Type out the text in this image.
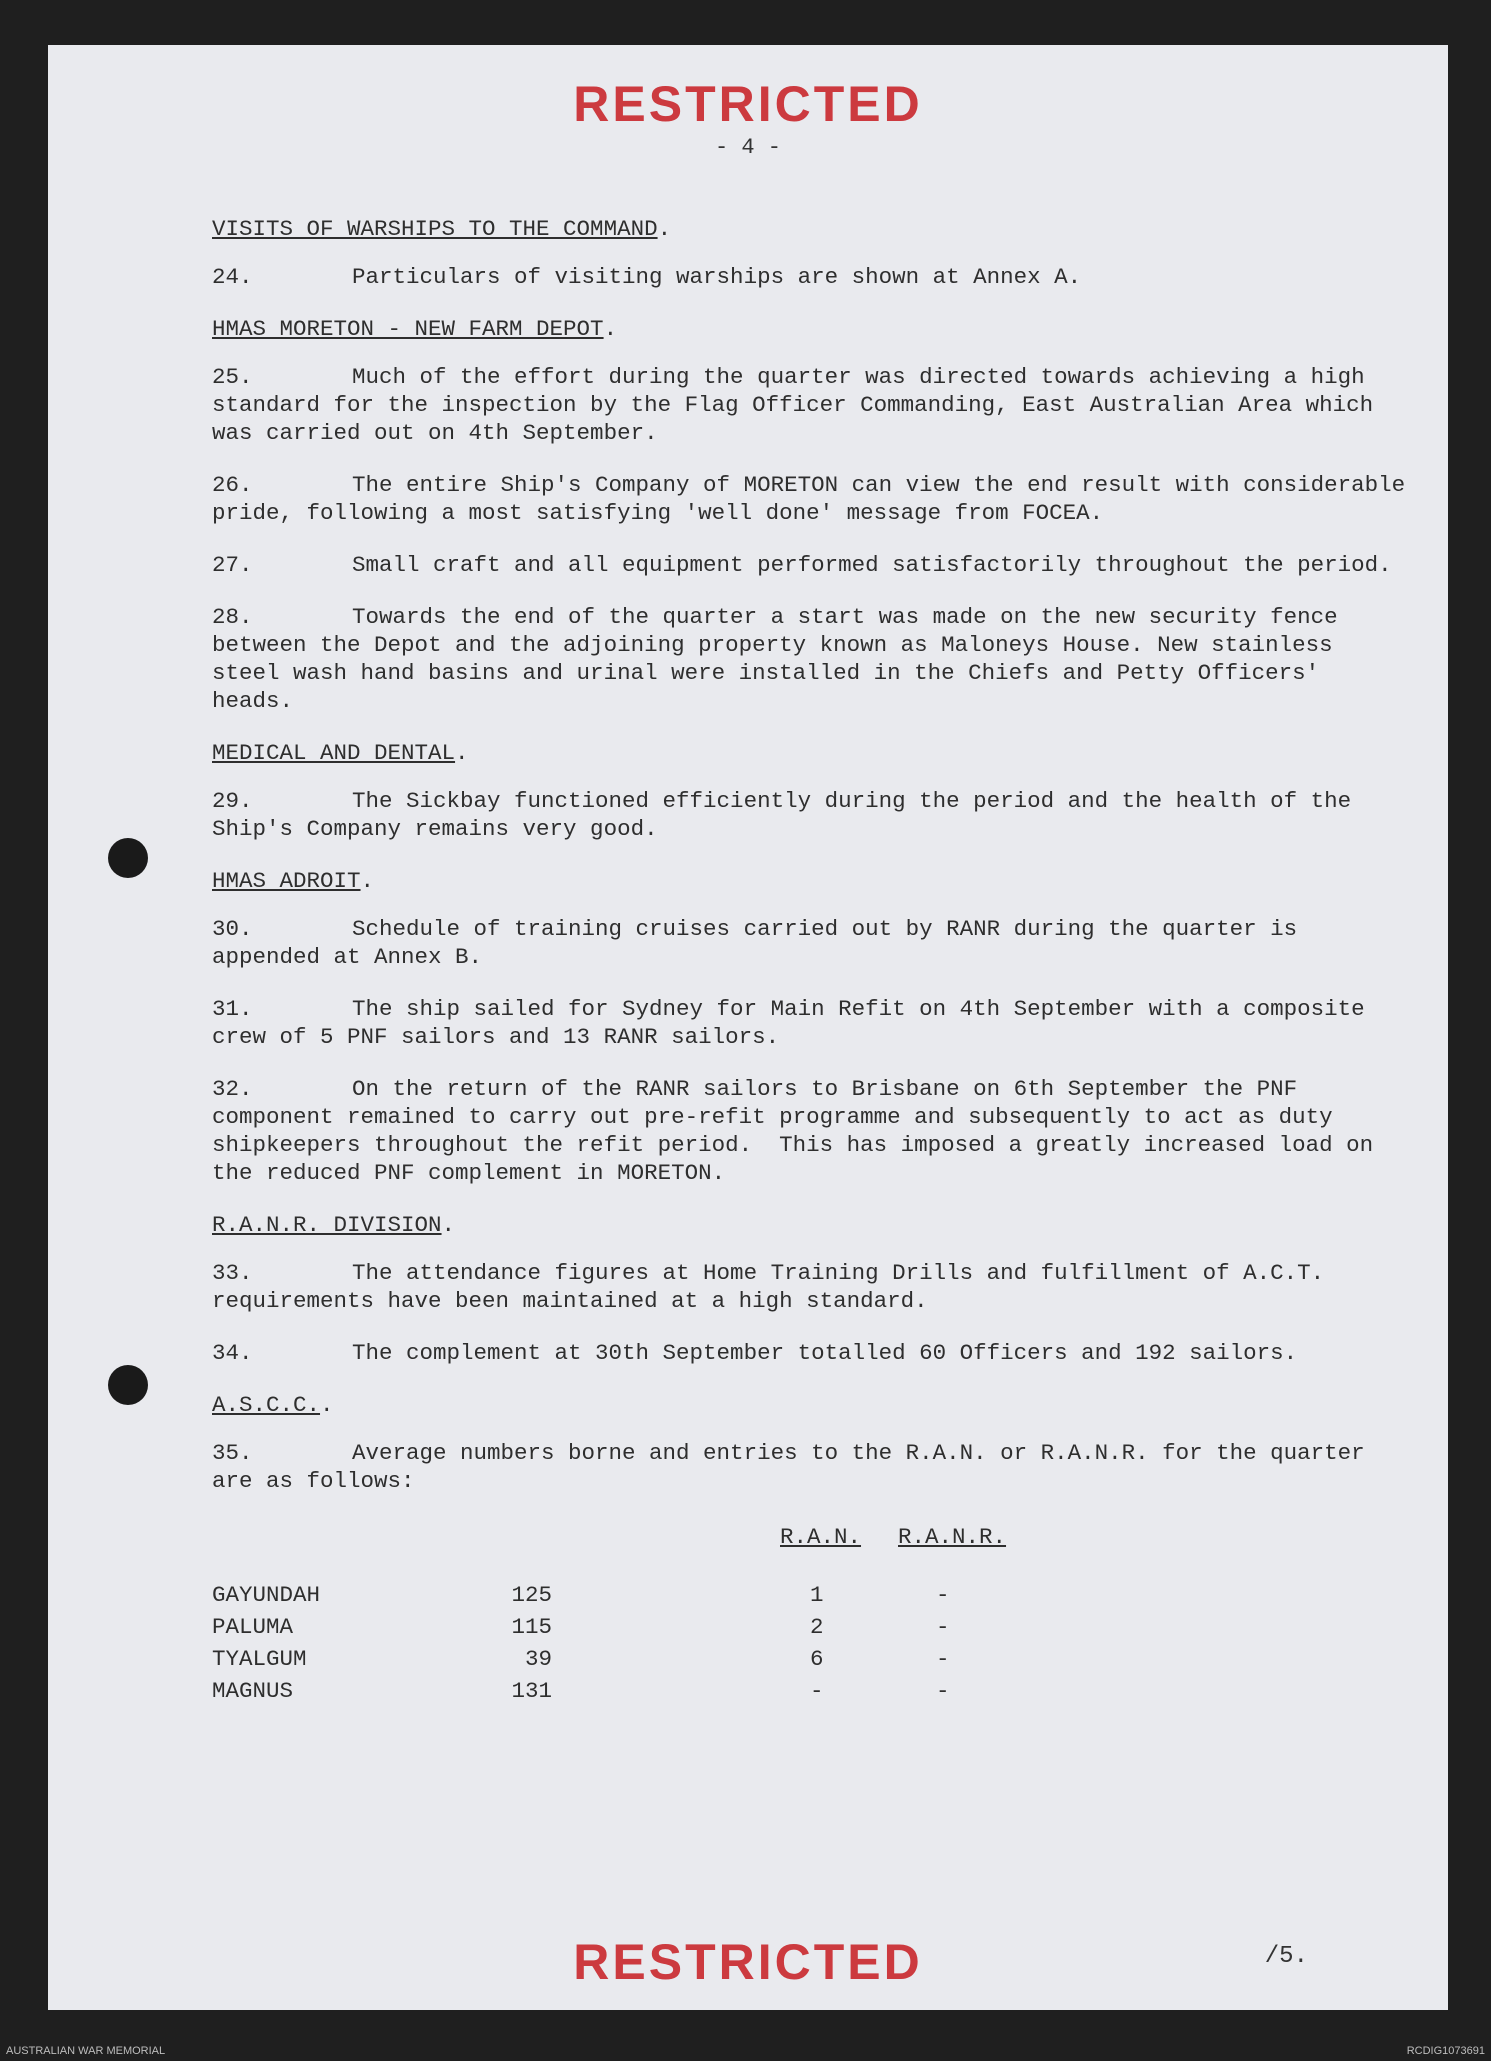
RESTRICTED
- 4 -
VISITS OF WARSHIPS TO THE COMMAND.
24.	Particulars of visiting warships are shown at Annex A.
HMAS MORETON - NEW FARM DEPOT.
25.	Much of the effort during the quarter was directed towards achieving a high standard for the inspection by the Flag Officer Commanding, East Australian Area which was carried out on 4th September.
26.	The entire Ship's Company of MORETON can view the end result with considerable pride, following a most satisfying 'well done' message from FOCEA.
27.	Small craft and all equipment performed satisfactorily throughout the period.
28.	Towards the end of the quarter a start was made on the new security fence between the Depot and the adjoining property known as Maloneys House. New stainless steel wash hand basins and urinal were installed in the Chiefs and Petty Officers' heads.
MEDICAL AND DENTAL.
29.	The Sickbay functioned efficiently during the period and the health of the Ship's Company remains very good.
HMAS ADROIT.
30.	Schedule of training cruises carried out by RANR during the quarter is appended at Annex B.
31.	The ship sailed for Sydney for Main Refit on 4th September with a composite crew of 5 PNF sailors and 13 RANR sailors.
32.	On the return of the RANR sailors to Brisbane on 6th September the PNF component remained to carry out pre-refit programme and subsequently to act as duty shipkeepers throughout the refit period.  This has imposed a greatly increased load on the reduced PNF complement in MORETON.
R.A.N.R. DIVISION.
33.	The attendance figures at Home Training Drills and fulfillment of A.C.T. requirements have been maintained at a high standard.
34.	The complement at 30th September totalled 60 Officers and 192 sailors.
A.S.C.C..
35.	Average numbers borne and entries to the R.A.N. or R.A.N.R. for the quarter are as follows:
R.A.N. R.A.N.R.
GAYUNDAH	125	1	-
PALUMA	115	2	-
TYALGUM	39	6	-
MAGNUS	131	-	-
RESTRICTED	/5.
AUSTRALIAN WAR MEMORIAL	RCDIG1073691
